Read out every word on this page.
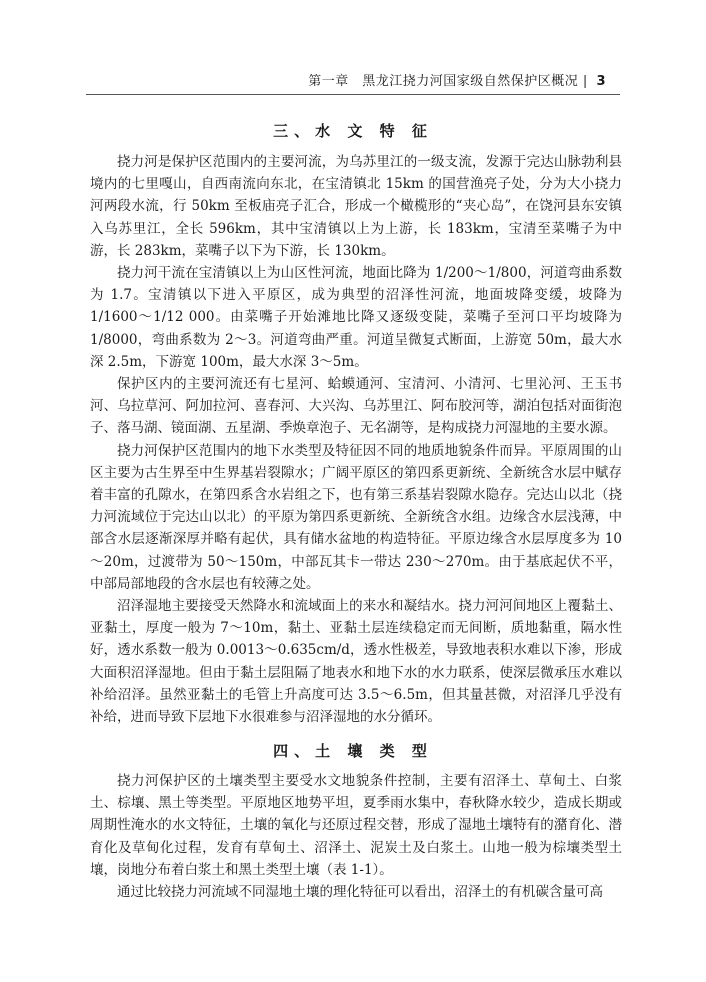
第一章　黑龙江挠力河国家级自然保护区概况 | 3
三、水 文 特 征

挠力河是保护区范围内的主要河流，为乌苏里江的一级支流，发源于完达山脉勃利县境内的七里嘎山，自西南流向东北，在宝清镇北 15km 的国营渔亮子处，分为大小挠力河两段水流，行 50km 至板庙亮子汇合，形成一个橄榄形的“夹心岛”，在饶河县东安镇入乌苏里江，全长 596km，其中宝清镇以上为上游，长 183km，宝清至菜嘴子为中游，长 283km，菜嘴子以下为下游，长 130km。

挠力河干流在宝清镇以上为山区性河流，地面比降为 1/200～1/800，河道弯曲系数为 1.7。宝清镇以下进入平原区，成为典型的沼泽性河流，地面坡降变缓，坡降为 1/1600～1/12 000。由菜嘴子开始滩地比降又逐级变陡，菜嘴子至河口平均坡降为 1/8000，弯曲系数为 2～3。河道弯曲严重。河道呈微复式断面，上游宽 50m，最大水深 2.5m，下游宽 100m，最大水深 3～5m。

保护区内的主要河流还有七星河、蛤蟆通河、宝清河、小清河、七里沁河、王玉书河、乌拉草河、阿加拉河、喜春河、大兴沟、乌苏里江、阿布胶河等，湖泊包括对面街泡子、落马湖、镜面湖、五星湖、季焕章泡子、无名湖等，是构成挠力河湿地的主要水源。

挠力河保护区范围内的地下水类型及特征因不同的地质地貌条件而异。平原周围的山区主要为古生界至中生界基岩裂隙水；广阔平原区的第四系更新统、全新统含水层中赋存着丰富的孔隙水，在第四系含水岩组之下，也有第三系基岩裂隙水隐存。完达山以北（挠力河流域位于完达山以北）的平原为第四系更新统、全新统含水组。边缘含水层浅薄，中部含水层逐渐深厚并略有起伏，具有储水盆地的构造特征。平原边缘含水层厚度多为 10～20m，过渡带为 50～150m，中部瓦其卡一带达 230～270m。由于基底起伏不平，中部局部地段的含水层也有较薄之处。

沼泽湿地主要接受天然降水和流域面上的来水和凝结水。挠力河河间地区上覆黏土、亚黏土，厚度一般为 7～10m，黏土、亚黏土层连续稳定而无间断，质地黏重，隔水性好，透水系数一般为 0.0013～0.635cm/d，透水性极差，导致地表积水难以下渗，形成大面积沼泽湿地。但由于黏土层阻隔了地表水和地下水的水力联系，使深层微承压水难以补给沼泽。虽然亚黏土的毛管上升高度可达 3.5～6.5m，但其量甚微，对沼泽几乎没有补给，进而导致下层地下水很难参与沼泽湿地的水分循环。

四、土 壤 类 型

挠力河保护区的土壤类型主要受水文地貌条件控制，主要有沼泽土、草甸土、白浆土、棕壤、黑土等类型。平原地区地势平坦，夏季雨水集中，春秋降水较少，造成长期或周期性淹水的水文特征，土壤的氧化与还原过程交替，形成了湿地土壤特有的潴育化、潜育化及草甸化过程，发育有草甸土、沼泽土、泥炭土及白浆土。山地一般为棕壤类型土壤，岗地分布着白浆土和黑土类型土壤（表 1-1）。

通过比较挠力河流域不同湿地土壤的理化特征可以看出，沼泽土的有机碳含量可高
